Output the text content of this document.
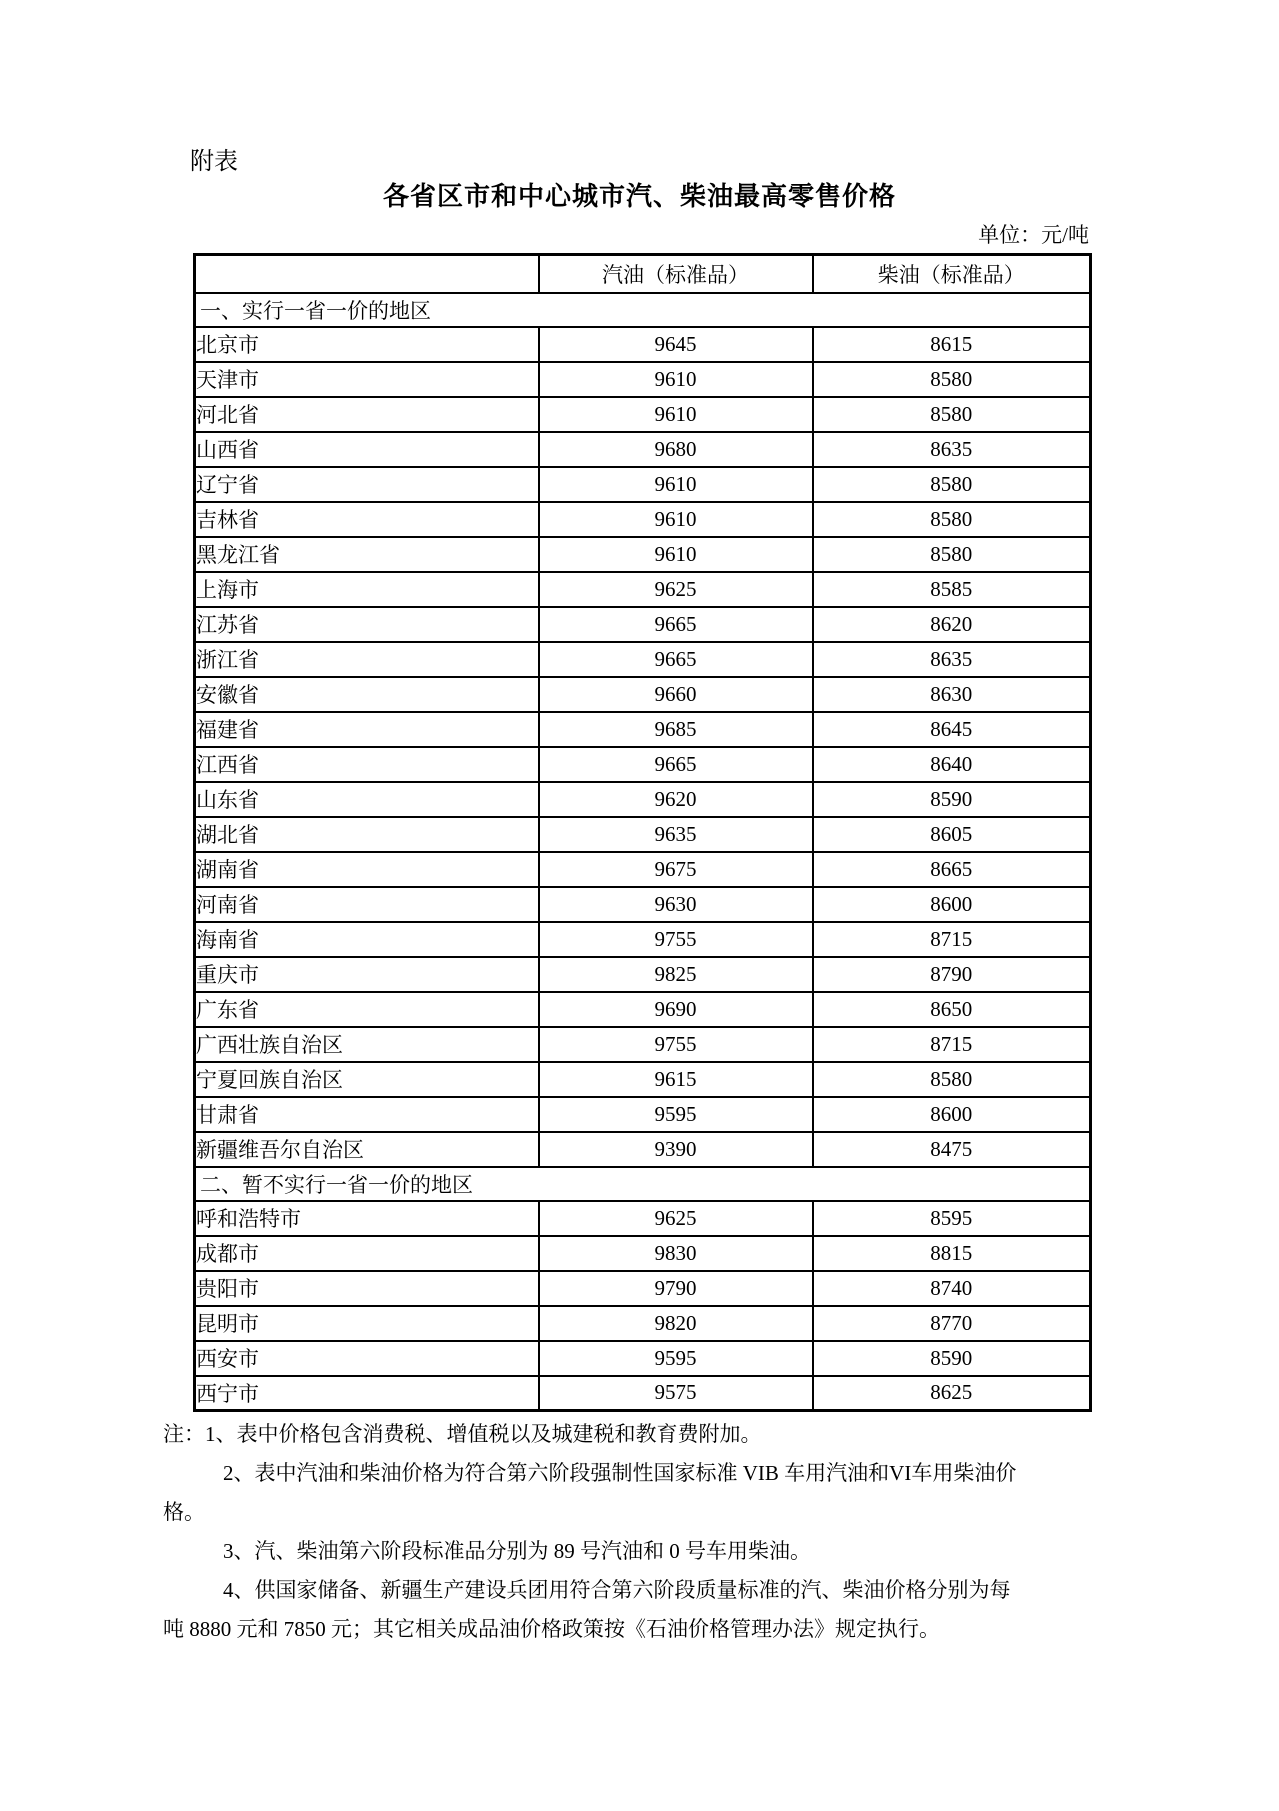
附表
各省区市和中心城市汽、柴油最高零售价格
单位：元/吨
	汽油（标准品）	柴油（标准品）
一、实行一省一价的地区		
北京市	9645	8615
天津市	9610	8580
河北省	9610	8580
山西省	9680	8635
辽宁省	9610	8580
吉林省	9610	8580
黑龙江省	9610	8580
上海市	9625	8585
江苏省	9665	8620
浙江省	9665	8635
安徽省	9660	8630
福建省	9685	8645
江西省	9665	8640
山东省	9620	8590
湖北省	9635	8605
湖南省	9675	8665
河南省	9630	8600
海南省	9755	8715
重庆市	9825	8790
广东省	9690	8650
广西壮族自治区	9755	8715
宁夏回族自治区	9615	8580
甘肃省	9595	8600
新疆维吾尔自治区	9390	8475
二、暂不实行一省一价的地区		
呼和浩特市	9625	8595
成都市	9830	8815
贵阳市	9790	8740
昆明市	9820	8770
西安市	9595	8590
西宁市	9575	8625
注：1、表中价格包含消费税、增值税以及城建税和教育费附加。
2、表中汽油和柴油价格为符合第六阶段强制性国家标准 VIB 车用汽油和VI车用柴油价
格。
3、汽、柴油第六阶段标准品分别为 89 号汽油和 0 号车用柴油。
4、供国家储备、新疆生产建设兵团用符合第六阶段质量标准的汽、柴油价格分别为每
吨 8880 元和 7850 元；其它相关成品油价格政策按《石油价格管理办法》规定执行。
